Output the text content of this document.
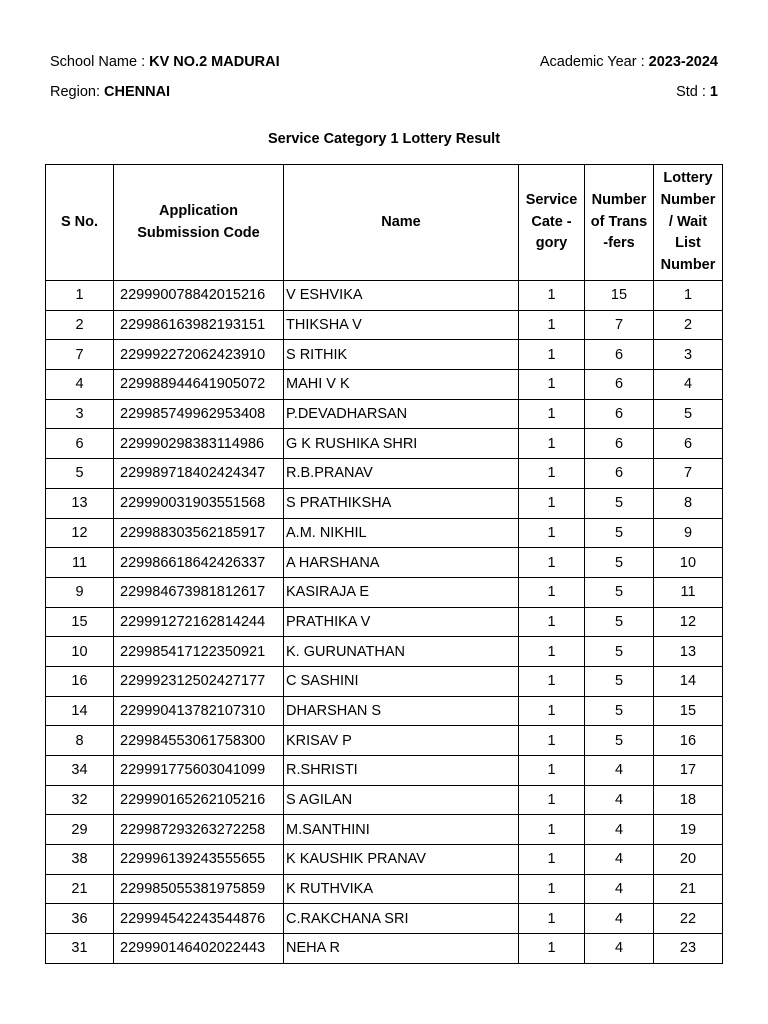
School Name : KV NO.2 MADURAI	Academic Year : 2023-2024
Region: CHENNAI	Std : 1
Service Category 1 Lottery Result
S No.	Application Submission Code	Name	Service Cate - gory	Number of Trans -fers	Lottery Number / Wait List Number
1	229990078842015216	V ESHVIKA	1	15	1
2	229986163982193151	THIKSHA V	1	7	2
7	229992272062423910	S RITHIK	1	6	3
4	229988944641905072	MAHI V K	1	6	4
3	229985749962953408	P.DEVADHARSAN	1	6	5
6	229990298383114986	G K RUSHIKA SHRI	1	6	6
5	229989718402424347	R.B.PRANAV	1	6	7
13	229990031903551568	S PRATHIKSHA	1	5	8
12	229988303562185917	A.M. NIKHIL	1	5	9
11	229986618642426337	A HARSHANA	1	5	10
9	229984673981812617	KASIRAJA E	1	5	11
15	229991272162814244	PRATHIKA V	1	5	12
10	229985417122350921	K. GURUNATHAN	1	5	13
16	229992312502427177	C SASHINI	1	5	14
14	229990413782107310	DHARSHAN S	1	5	15
8	229984553061758300	KRISAV P	1	5	16
34	229991775603041099	R.SHRISTI	1	4	17
32	229990165262105216	S AGILAN	1	4	18
29	229987293263272258	M.SANTHINI	1	4	19
38	229996139243555655	K KAUSHIK PRANAV	1	4	20
21	229985055381975859	K RUTHVIKA	1	4	21
36	229994542243544876	C.RAKCHANA SRI	1	4	22
31	229990146402022443	NEHA R	1	4	23
